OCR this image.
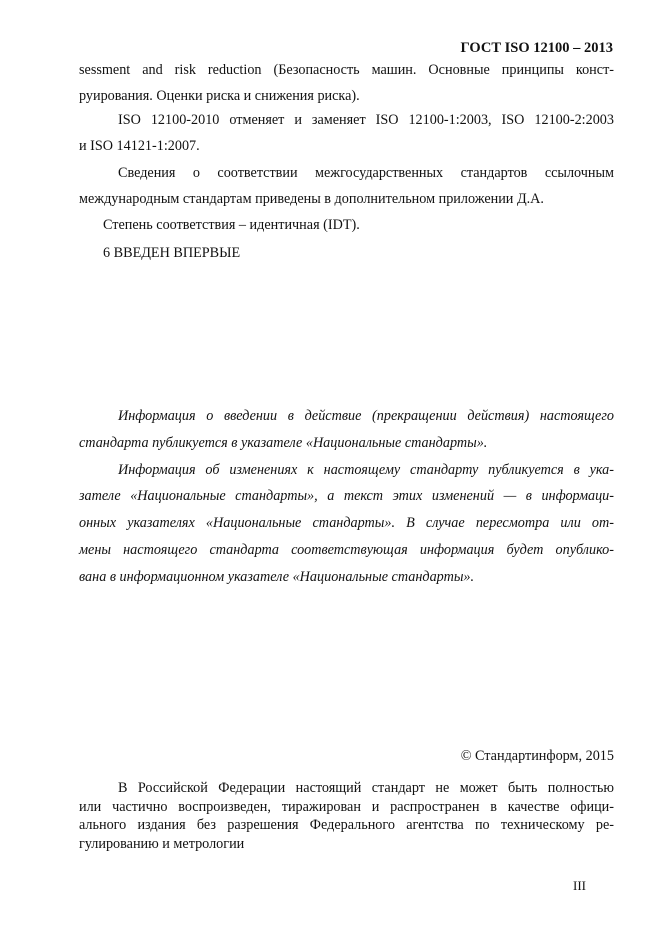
ГОСТ ISO 12100 – 2013
sessment and risk reduction (Безопасность машин. Основные принципы конст-
руирования. Оценки риска и снижения риска).
ISO 12100-2010 отменяет и заменяет ISO 12100-1:2003, ISO 12100-2:2003
и ISO 14121-1:2007.
Сведения о соответствии межгосударственных стандартов ссылочным
международным стандартам приведены в дополнительном приложении Д.А.
Степень соответствия – идентичная (IDT).
6 ВВЕДЕН ВПЕРВЫЕ
Информация о введении в действие (прекращении действия) настоящего
стандарта публикуется в указателе «Национальные стандарты».
Информация об изменениях к настоящему стандарту публикуется в ука-
зателе «Национальные стандарты», а текст этих изменений — в информаци-
онных указателях «Национальные стандарты». В случае пересмотра или от-
мены настоящего стандарта соответствующая информация будет опублико-
вана в информационном указателе «Национальные стандарты».
© Стандартинформ, 2015
В Российской Федерации настоящий стандарт не может быть полностью
или частично воспроизведен, тиражирован и распространен в качестве офици-
ального издания без разрешения Федерального агентства по техническому ре-
гулированию и метрологии
III
